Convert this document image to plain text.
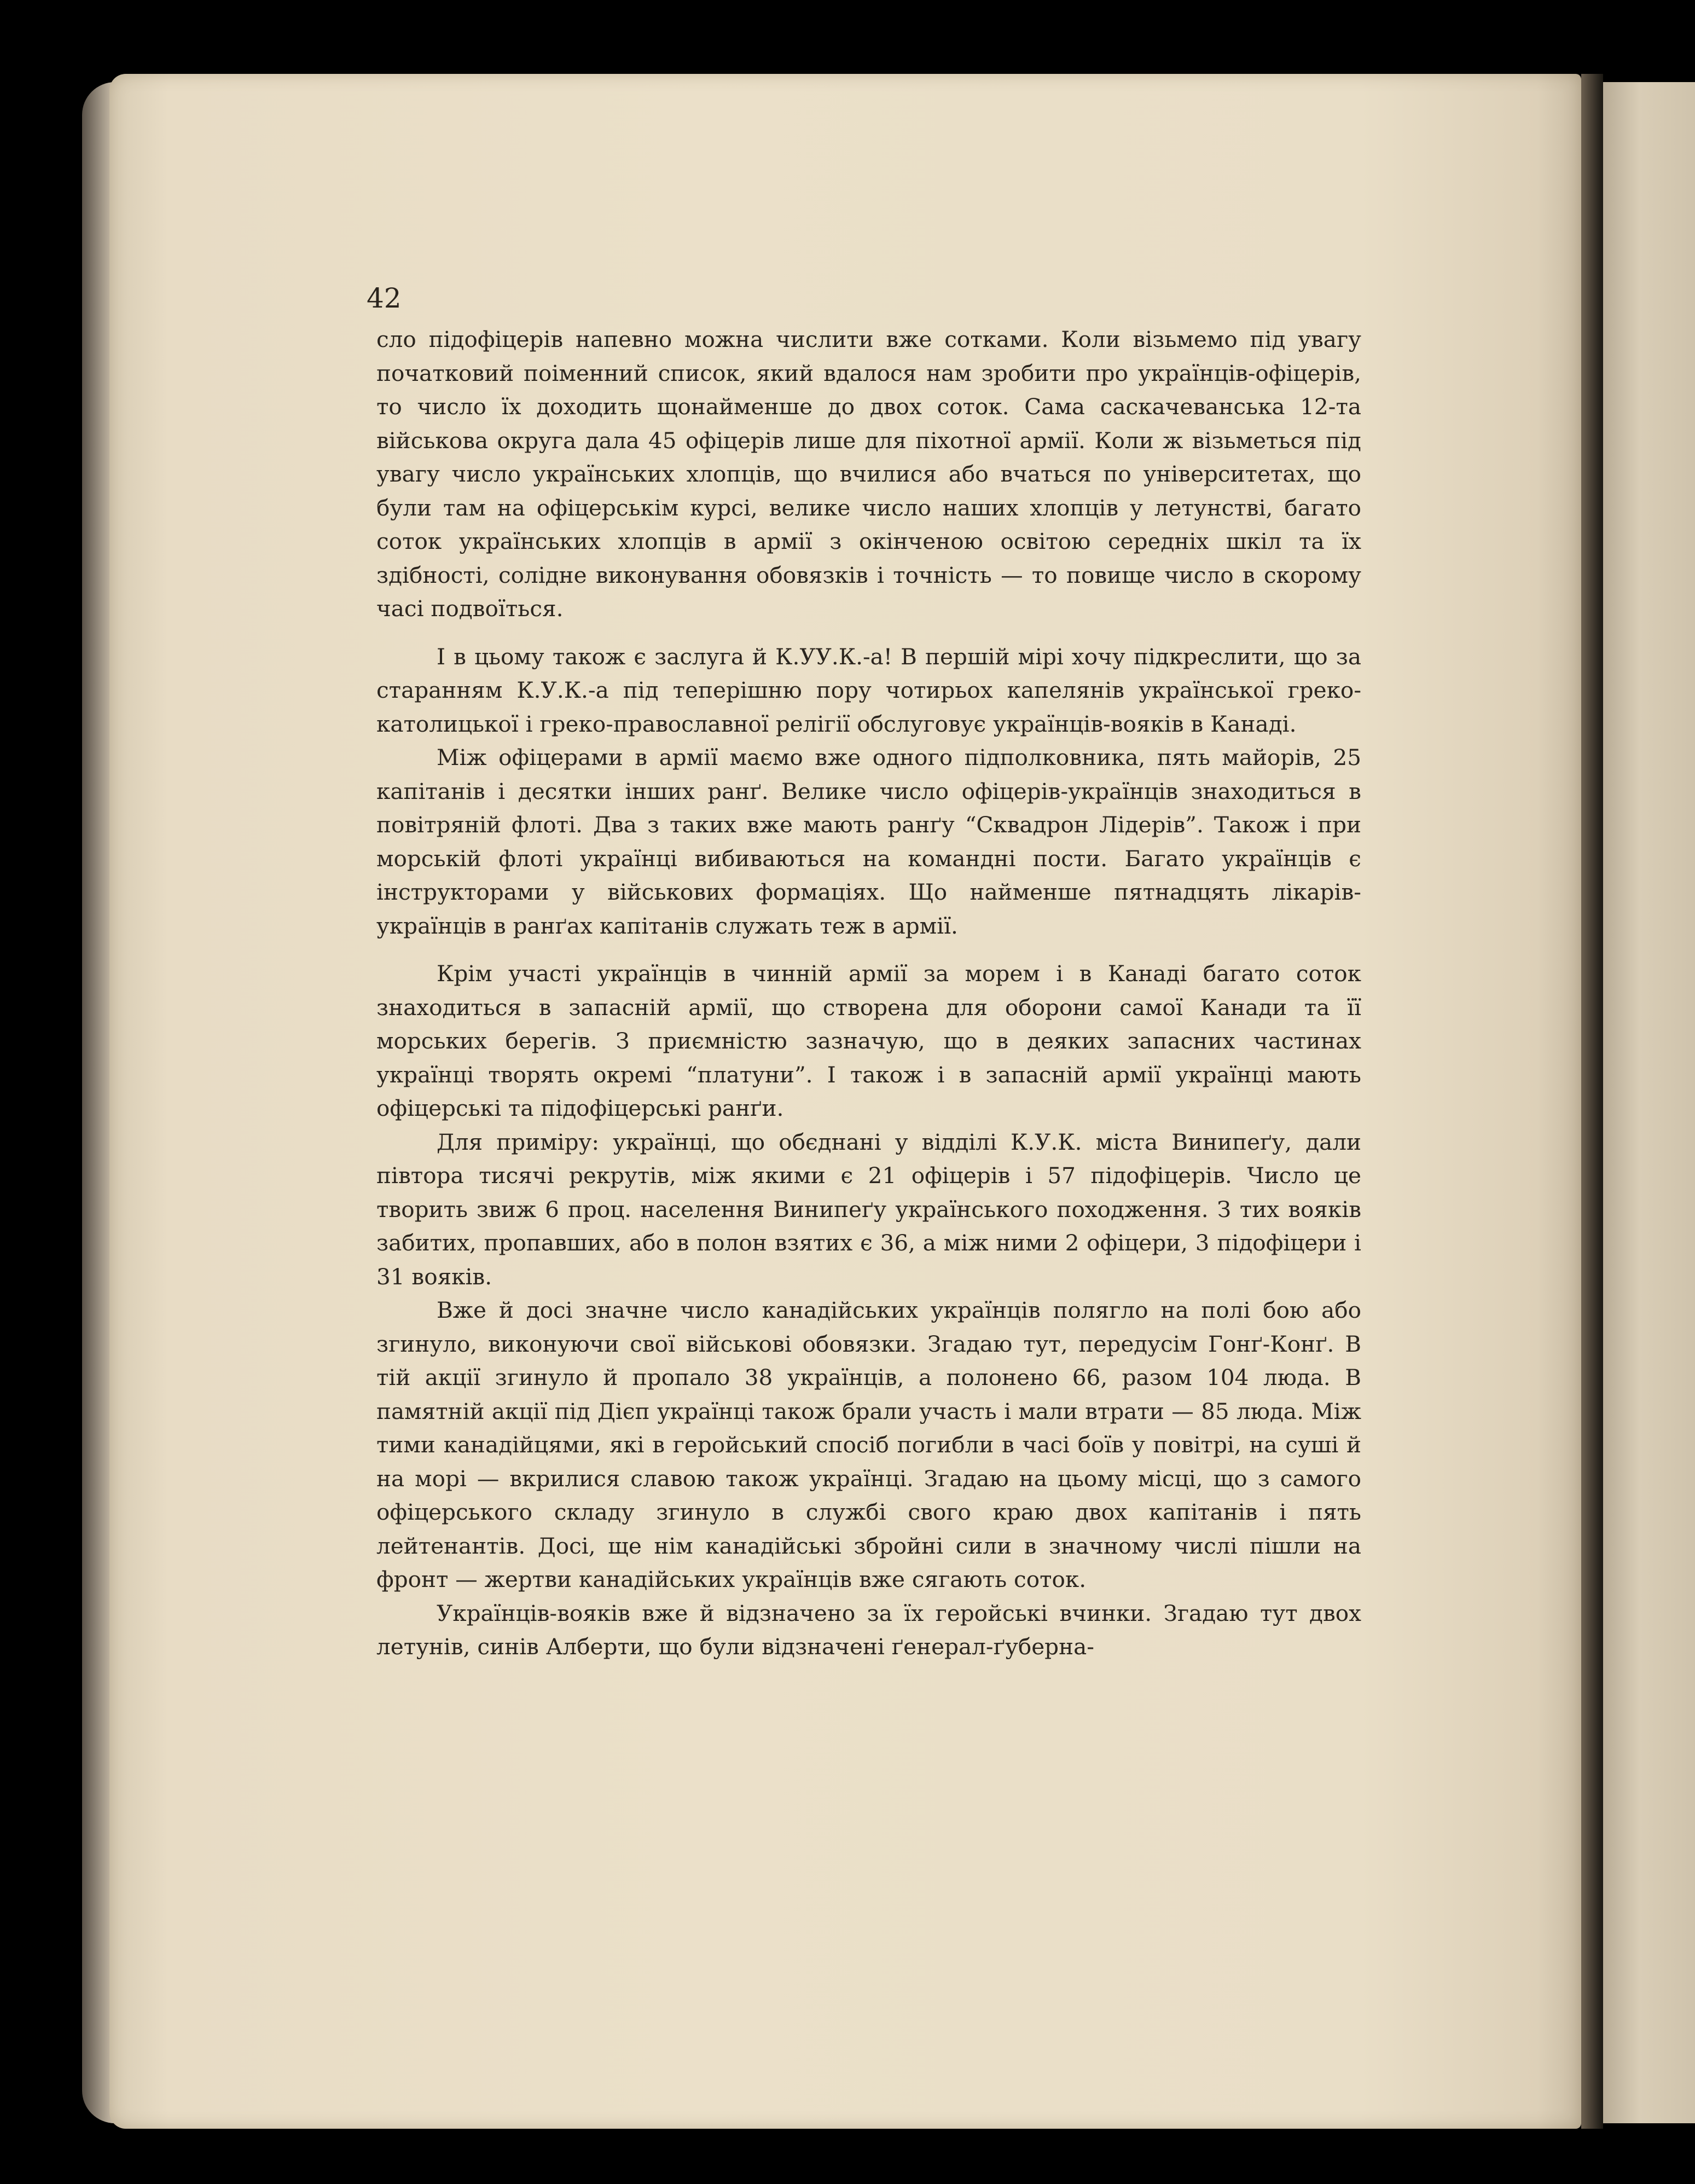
42

сло підофіцерів напевно можна числити вже сотками. Коли візьмемо під увагу початковий поіменний список, який вдалося нам зробити про українців-офіцерів, то число їх доходить щонайменше до двох соток. Сама саскачеванська 12-та військова округа дала 45 офіцерів лише для піхотної армії. Коли ж візьметься під увагу число українських хлопців, що вчилися або вчаться по університетах, що були там на офіцерськім курсі, велике число наших хлопців у летунстві, багато соток українських хлопців в армії з окінченою освітою середніх шкіл та їх здібності, солідне виконування обовязків і точність — то повище число в скорому часі подвоїться.

І в цьому також є заслуга й К.УУ.К.-а! В першій мірі хочу підкреслити, що за старанням К.У.К.-а під теперішню пору чотирьох капелянів української греко-католицької і греко-православної релігії обслуговує українців-вояків в Канаді.

Між офіцерами в армії маємо вже одного підполковника, пять майорів, 25 капітанів і десятки інших ранґ. Велике число офіцерів-українців знаходиться в повітряній флоті. Два з таких вже мають ранґу “Сквадрон Лідерів”. Також і при морській флоті українці вибиваються на командні пости. Багато українців є інструкторами у військових формаціях. Що найменше пятнадцять лікарів-українців в ранґах капітанів служать теж в армії.

Крім участі українців в чинній армії за морем і в Канаді багато соток знаходиться в запасній армії, що створена для оборони самої Канади та її морських берегів. З приємністю зазначую, що в деяких запасних частинах українці творять окремі “платуни”. І також і в запасній армії українці мають офіцерські та підофіцерські ранґи.

Для приміру: українці, що обєднані у відділі К.У.К. міста Винипеґу, дали півтора тисячі рекрутів, між якими є 21 офіцерів і 57 підофіцерів. Число це творить звиж 6 проц. населення Винипеґу українського походження. З тих вояків забитих, пропавших, або в полон взятих є 36, а між ними 2 офіцери, 3 підофіцери і 31 вояків.

Вже й досі значне число канадійських українців полягло на полі бою або згинуло, виконуючи свої військові обовязки. Згадаю тут, передусім Гонґ-Конґ. В тій акції згинуло й пропало 38 українців, а полонено 66, разом 104 люда. В памятній акції під Дієп українці також брали участь і мали втрати — 85 люда. Між тими канадійцями, які в геройський спосіб погибли в часі боїв у повітрі, на суші й на морі — вкрилися славою також українці. Згадаю на цьому місці, що з самого офіцерського складу згинуло в службі свого краю двох капітанів і пять лейтенантів. Досі, ще нім канадійські збройні сили в значному числі пішли на фронт — жертви канадійських українців вже сягають соток.

Українців-вояків вже й відзначено за їх геройські вчинки. Згадаю тут двох летунів, синів Алберти, що були відзначені ґенерал-ґуберна-
